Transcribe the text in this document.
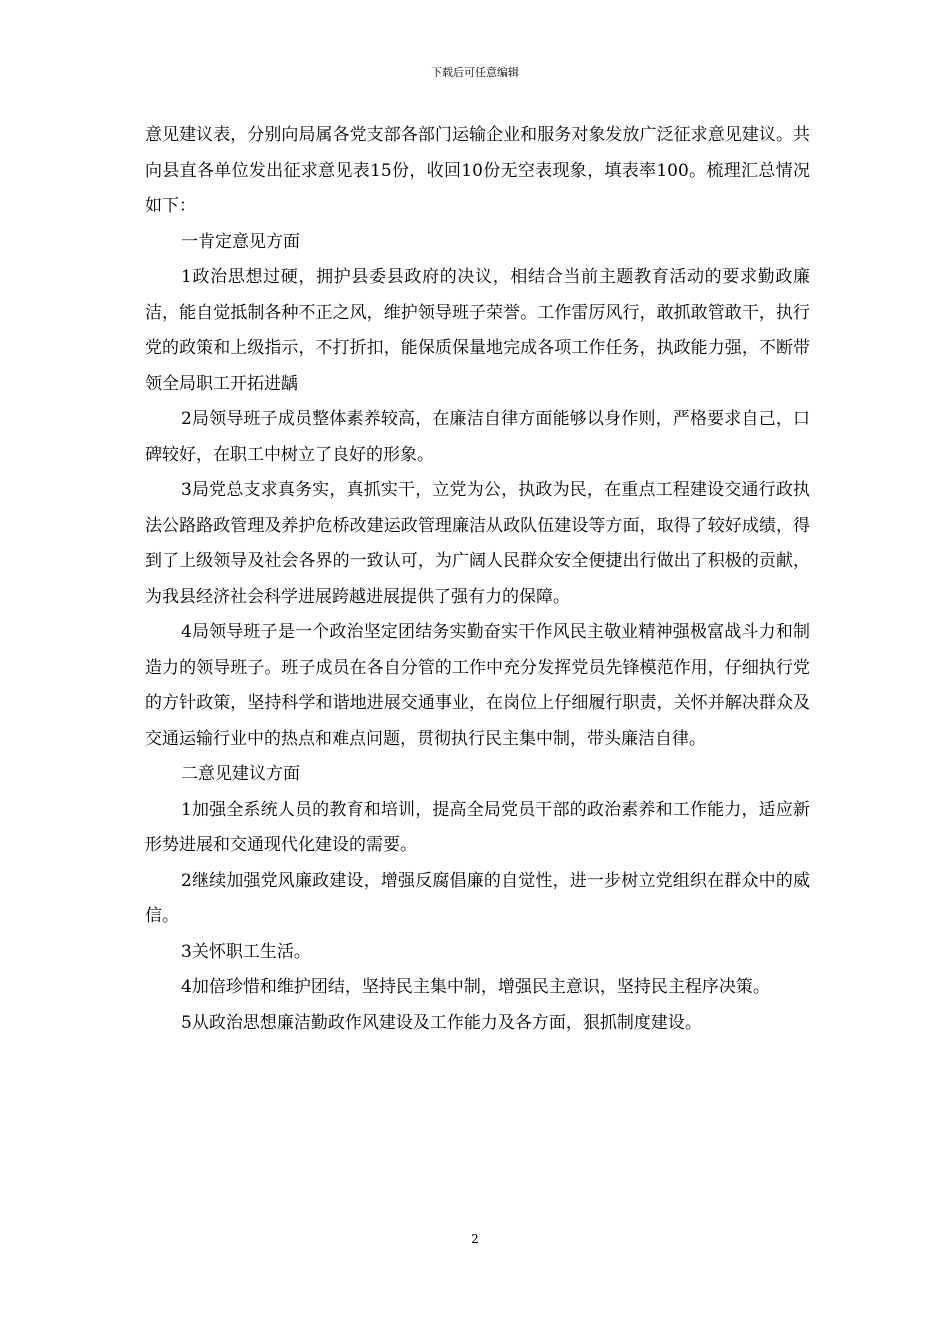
下载后可任意编辑

意见建议表，分别向局属各党支部各部门运输企业和服务对象发放广泛征求意见建议。共向县直各单位发出征求意见表15份，收回10份无空表现象，填表率100。梳理汇总情况如下：

一肯定意见方面

1政治思想过硬，拥护县委县政府的决议，相结合当前主题教育活动的要求勤政廉洁，能自觉抵制各种不正之风，维护领导班子荣誉。工作雷厉风行，敢抓敢管敢干，执行党的政策和上级指示，不打折扣，能保质保量地完成各项工作任务，执政能力强，不断带领全局职工开拓进龋

2局领导班子成员整体素养较高，在廉洁自律方面能够以身作则，严格要求自己，口碑较好，在职工中树立了良好的形象。

3局党总支求真务实，真抓实干，立党为公，执政为民，在重点工程建设交通行政执法公路路政管理及养护危桥改建运政管理廉洁从政队伍建设等方面，取得了较好成绩，得到了上级领导及社会各界的一致认可，为广阔人民群众安全便捷出行做出了积极的贡献，为我县经济社会科学进展跨越进展提供了强有力的保障。

4局领导班子是一个政治坚定团结务实勤奋实干作风民主敬业精神强极富战斗力和制造力的领导班子。班子成员在各自分管的工作中充分发挥党员先锋模范作用，仔细执行党的方针政策，坚持科学和谐地进展交通事业，在岗位上仔细履行职责，关怀并解决群众及交通运输行业中的热点和难点问题，贯彻执行民主集中制，带头廉洁自律。

二意见建议方面

1加强全系统人员的教育和培训，提高全局党员干部的政治素养和工作能力，适应新形势进展和交通现代化建设的需要。

2继续加强党风廉政建设，增强反腐倡廉的自觉性，进一步树立党组织在群众中的威信。

3关怀职工生活。

4加倍珍惜和维护团结，坚持民主集中制，增强民主意识，坚持民主程序决策。

5从政治思想廉洁勤政作风建设及工作能力及各方面，狠抓制度建设。

2
